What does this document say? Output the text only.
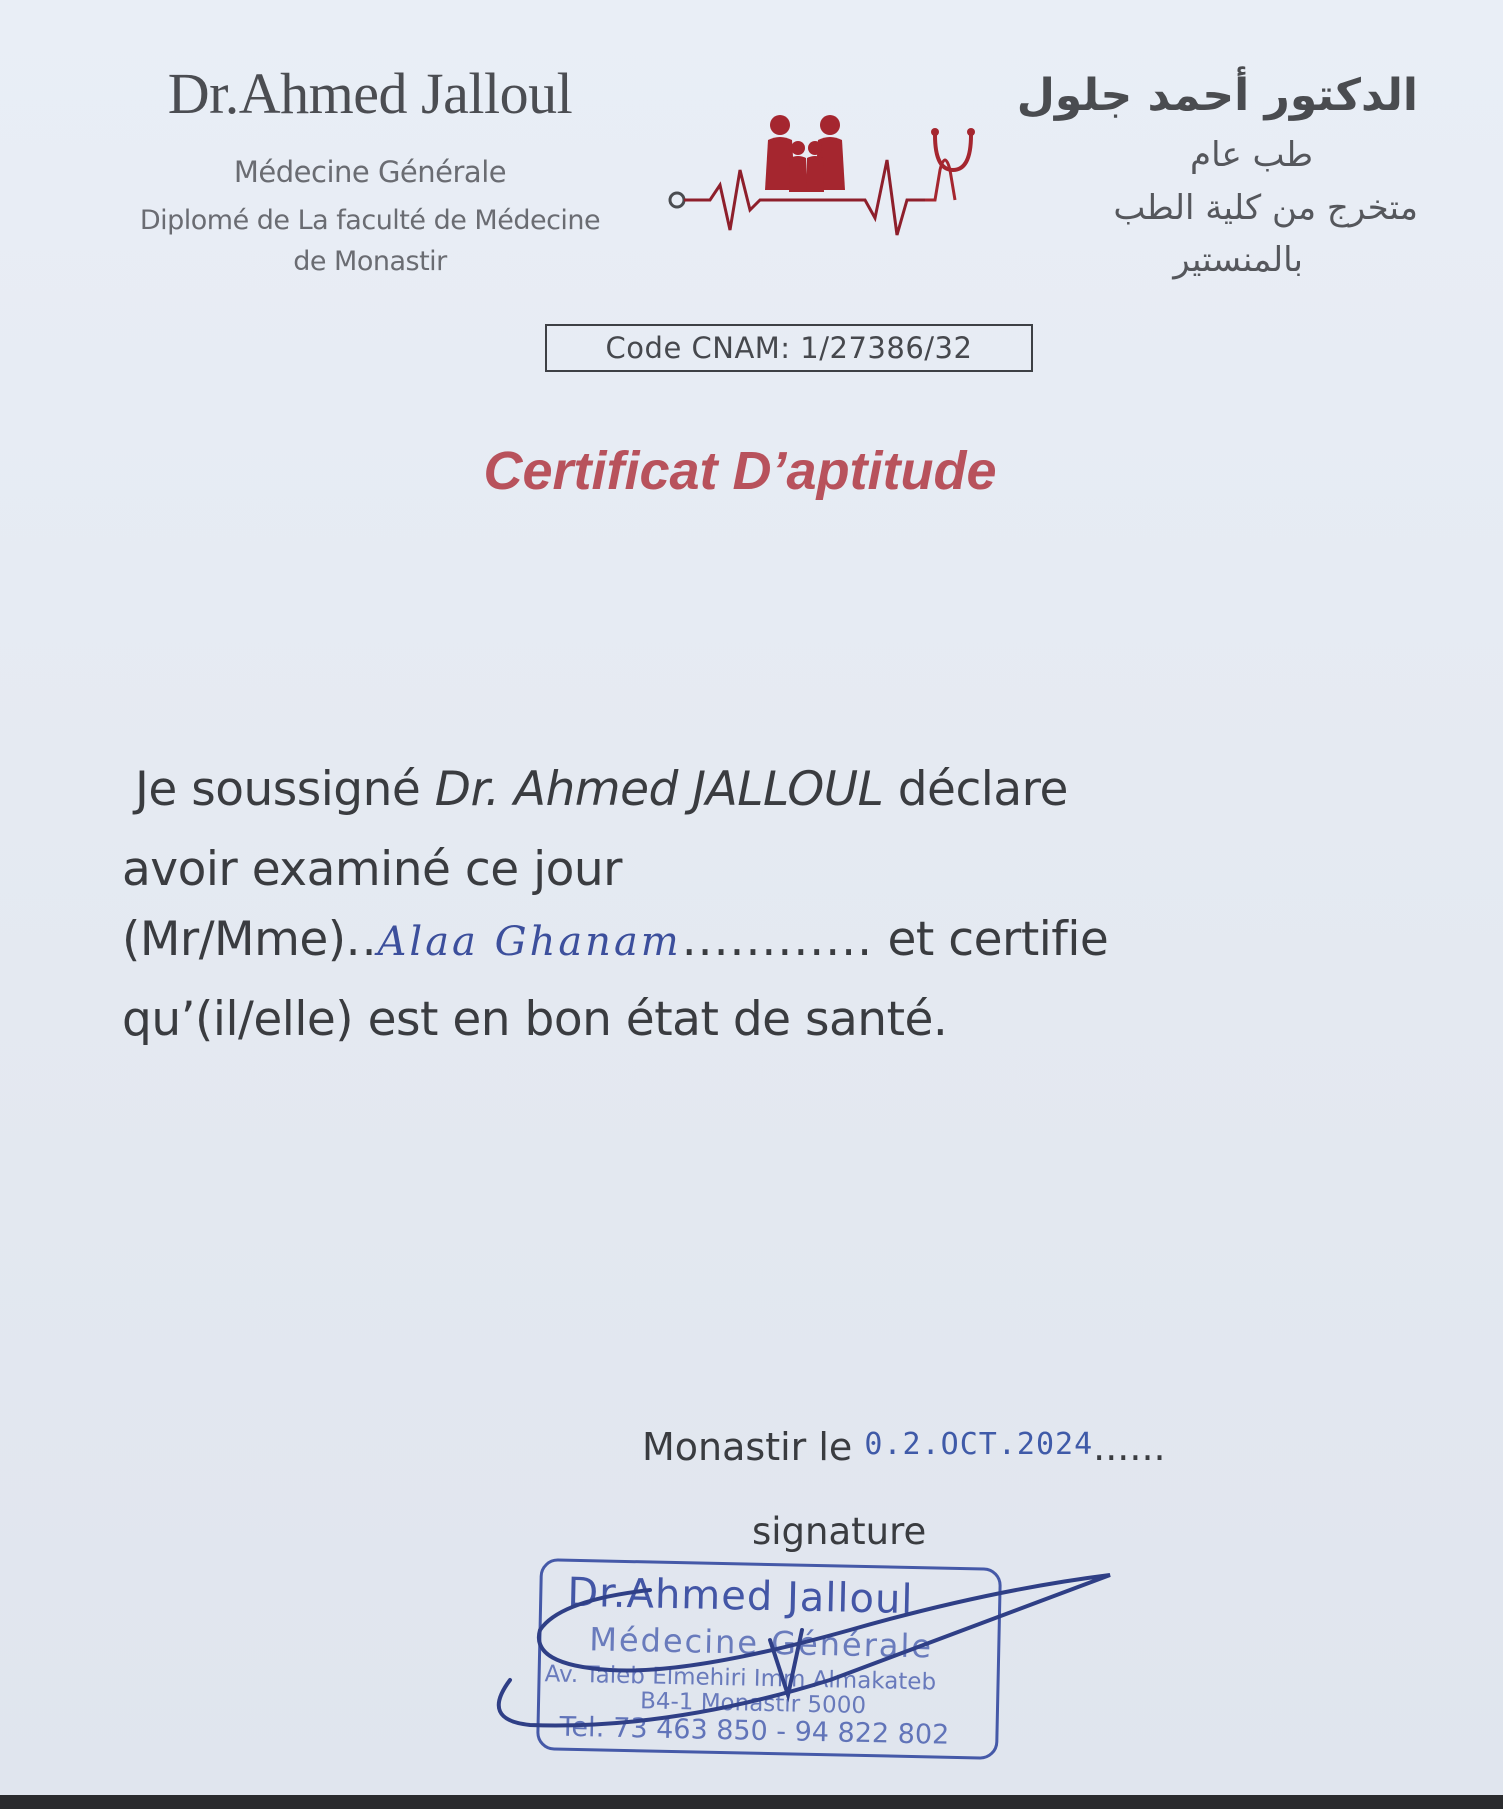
Dr.Ahmed Jalloul
Médecine Générale
Diplomé de La faculté de Médecine
de Monastir
الدكتور أحمد جلول
طب عام
متخرج من كلية الطب
بالمنستير
Code CNAM: 1/27386/32
Certificat D’aptitude
Je soussigné Dr. Ahmed JALLOUL déclare
avoir examiné ce jour
(Mr/Mme)..Alaa Ghanam............ et certifie
qu’(il/elle) est en bon état de santé.
Monastir le 0.2.OCT.2024......
signature
Dr.Ahmed Jalloul
Médecine Générale
Av. Taieb Elmehiri Imm Almakateb
B4-1 Monastir 5000
Tel: 73 463 850 - 94 822 802
